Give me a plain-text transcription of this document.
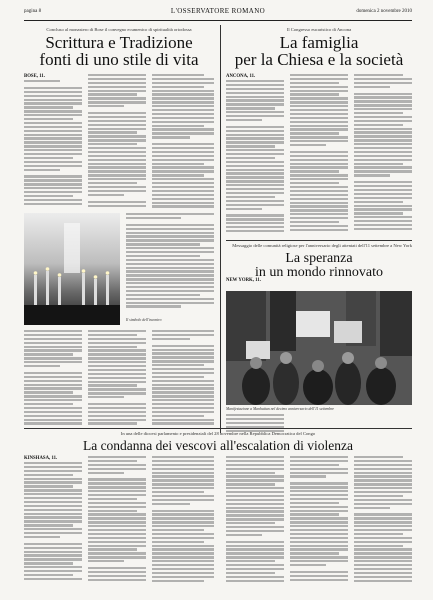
pagina 8	L'OSSERVATORE ROMANO	domenica 2 novembre 2010
Concluso al monastero di Bose il convegno ecumenico di spiritualità ortodossa
Scrittura e Tradizione
fonti di uno stile di vita
Il Congresso eucaristico di Ancona
La famiglia
per la Chiesa e la società
BOSE, 11.
Il simbolo dell'incontro
ANCONA, 11.
Messaggio delle comunità religiose per l'anniversario degli attentati dell'11 settembre a New York
La speranza
in un mondo rinnovato
Manifestazione a Manhattan nel decimo anniversario dell'11 settembre
NEW YORK, 11.
In una delle diocesi parlamento e presidenziali del 28 novembre nella Repubblica Democratica del Congo
La condanna dei vescovi all'escalation di violenza
KINSHASA, 11.
